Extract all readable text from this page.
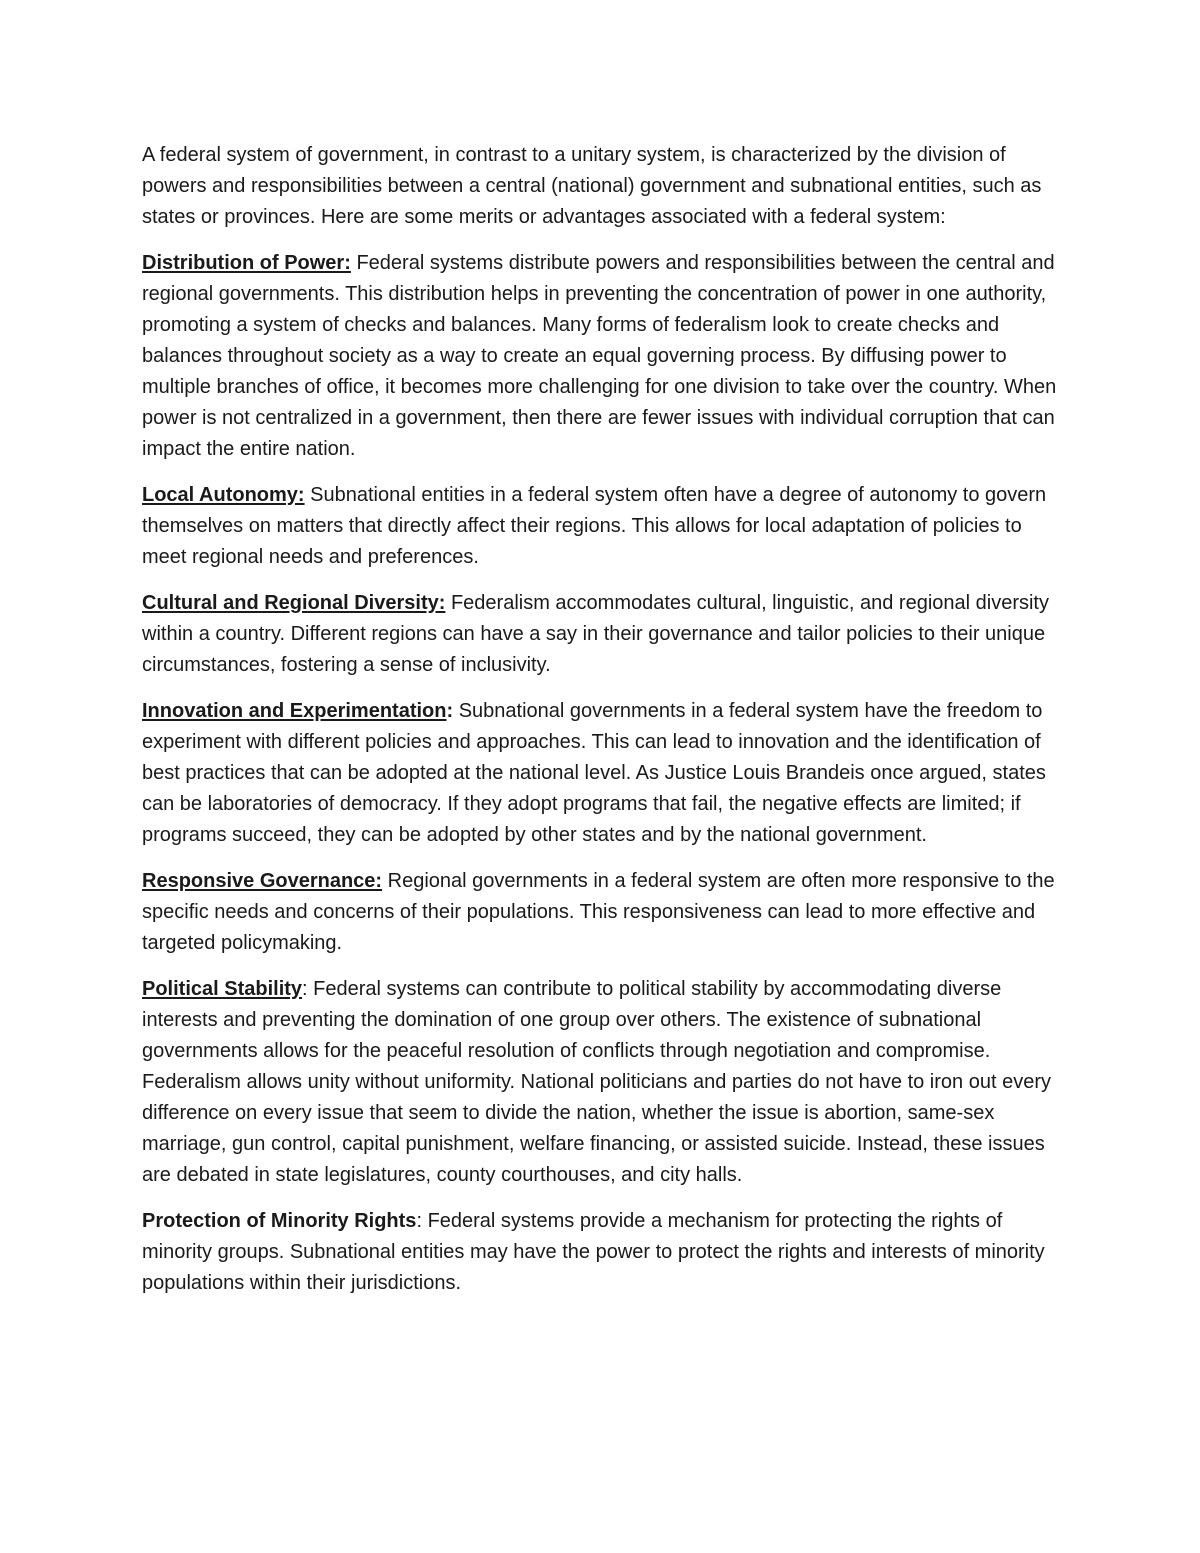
A federal system of government, in contrast to a unitary system, is characterized by the division of powers and responsibilities between a central (national) government and subnational entities, such as states or provinces. Here are some merits or advantages associated with a federal system:

Distribution of Power: Federal systems distribute powers and responsibilities between the central and regional governments. This distribution helps in preventing the concentration of power in one authority, promoting a system of checks and balances. Many forms of federalism look to create checks and balances throughout society as a way to create an equal governing process. By diffusing power to multiple branches of office, it becomes more challenging for one division to take over the country. When power is not centralized in a government, then there are fewer issues with individual corruption that can impact the entire nation.

Local Autonomy: Subnational entities in a federal system often have a degree of autonomy to govern themselves on matters that directly affect their regions. This allows for local adaptation of policies to meet regional needs and preferences.

Cultural and Regional Diversity: Federalism accommodates cultural, linguistic, and regional diversity within a country. Different regions can have a say in their governance and tailor policies to their unique circumstances, fostering a sense of inclusivity.

Innovation and Experimentation: Subnational governments in a federal system have the freedom to experiment with different policies and approaches. This can lead to innovation and the identification of best practices that can be adopted at the national level. As Justice Louis Brandeis once argued, states can be laboratories of democracy. If they adopt programs that fail, the negative effects are limited; if programs succeed, they can be adopted by other states and by the national government.

Responsive Governance: Regional governments in a federal system are often more responsive to the specific needs and concerns of their populations. This responsiveness can lead to more effective and targeted policymaking.

Political Stability: Federal systems can contribute to political stability by accommodating diverse interests and preventing the domination of one group over others. The existence of subnational governments allows for the peaceful resolution of conflicts through negotiation and compromise. Federalism allows unity without uniformity. National politicians and parties do not have to iron out every difference on every issue that seem to divide the nation, whether the issue is abortion, same-sex marriage, gun control, capital punishment, welfare financing, or assisted suicide. Instead, these issues are debated in state legislatures, county courthouses, and city halls.

Protection of Minority Rights: Federal systems provide a mechanism for protecting the rights of minority groups. Subnational entities may have the power to protect the rights and interests of minority populations within their jurisdictions.
